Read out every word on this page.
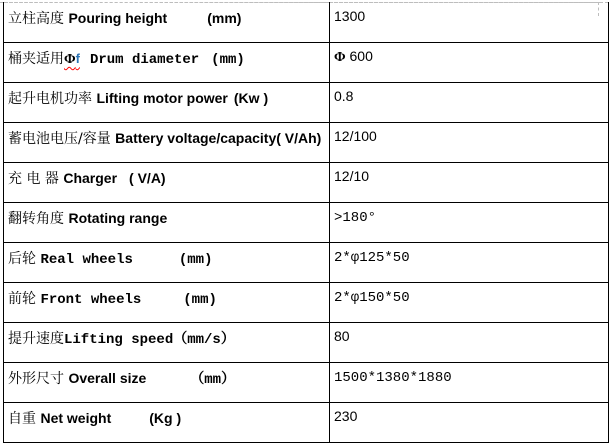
立柱高度 Pouring height (mm)	1300
桶夹适用Φf Drum diameter (mm)	Φ 600
起升电机功率 Lifting motor power (Kw )	0.8
蓄电池电压/容量 Battery voltage/capacity( V/Ah)	12/100
充 电 器 Charger ( V/A)	12/10
翻转角度 Rotating range	>180°
后轮 Real wheels (mm)	2*φ125*50
前轮 Front wheels (mm)	2*φ150*50
提升速度Lifting speed（mm/s）	80
外形尺寸 Overall size （mm）	1500*1380*1880
自重 Net weight (Kg )	230
